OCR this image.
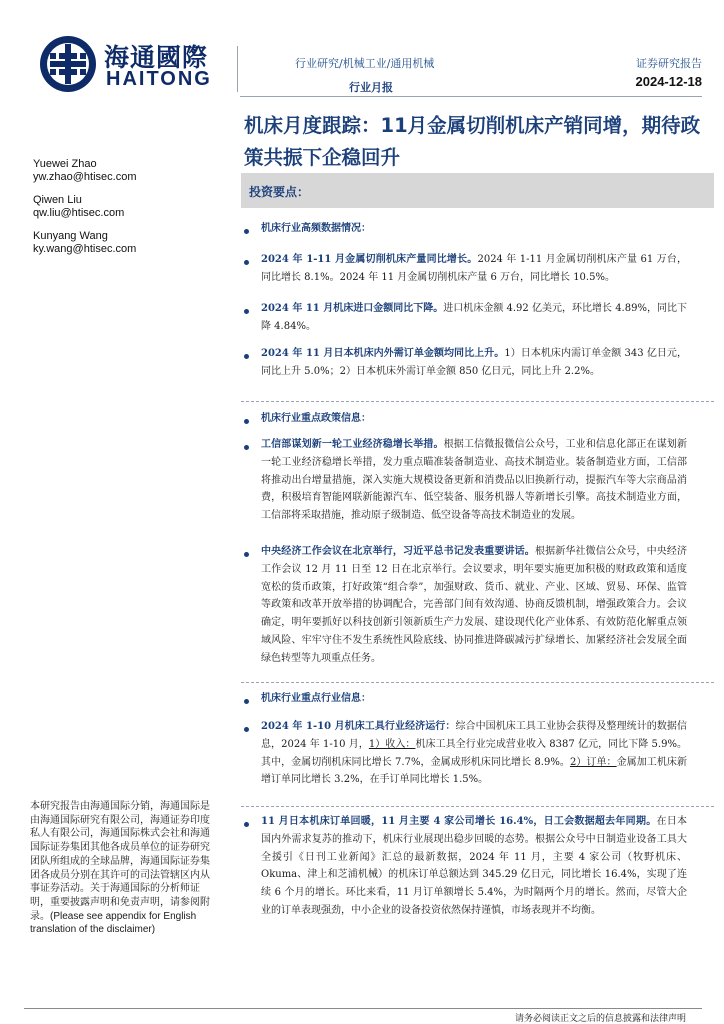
海通國際
HAITONG
行业研究/机械工业/通用机械
行业月报
证券研究报告
2024-12-18
机床月度跟踪：11月金属切削机床产销同增，期待政策共振下企稳回升
Yuewei Zhao
yw.zhao@htisec.com
Qiwen Liu
qw.liu@htisec.com
Kunyang Wang
ky.wang@htisec.com
投资要点：
机床行业高频数据情况：
2024 年 1-11 月金属切削机床产量同比增长。2024 年 1-11 月金属切削机床产量 61 万台，同比增长 8.1%。2024 年 11 月金属切削机床产量 6 万台，同比增长 10.5%。
2024 年 11 月机床进口金额同比下降。进口机床金额 4.92 亿美元，环比增长 4.89%，同比下降 4.84%。
2024 年 11 月日本机床内外需订单金额均同比上升。1）日本机床内需订单金额 343 亿日元，同比上升 5.0%；2）日本机床外需订单金额 850 亿日元，同比上升 2.2%。
机床行业重点政策信息：
工信部谋划新一轮工业经济稳增长举措。根据工信微报微信公众号，工业和信息化部正在谋划新一轮工业经济稳增长举措，发力重点瞄准装备制造业、高技术制造业。装备制造业方面，工信部将推动出台增量措施，深入实施大规模设备更新和消费品以旧换新行动，提振汽车等大宗商品消费，积极培育智能网联新能源汽车、低空装备、服务机器人等新增长引擎。高技术制造业方面，工信部将采取措施，推动原子级制造、低空设备等高技术制造业的发展。
中央经济工作会议在北京举行，习近平总书记发表重要讲话。根据新华社微信公众号，中央经济工作会议 12 月 11 日至 12 日在北京举行。会议要求，明年要实施更加积极的财政政策和适度宽松的货币政策，打好政策“组合拳”，加强财政、货币、就业、产业、区域、贸易、环保、监管等政策和改革开放举措的协调配合，完善部门间有效沟通、协商反馈机制，增强政策合力。会议确定，明年要抓好以科技创新引领新质生产力发展、建设现代化产业体系、有效防范化解重点领域风险、牢牢守住不发生系统性风险底线、协同推进降碳减污扩绿增长、加紧经济社会发展全面绿色转型等九项重点任务。
机床行业重点行业信息：
2024 年 1-10 月机床工具行业经济运行：综合中国机床工具工业协会获得及整理统计的数据信息，2024 年 1-10 月，1）收入：机床工具全行业完成营业收入 8387 亿元，同比下降 5.9%。其中，金属切削机床同比增长 7.7%，金属成形机床同比增长 8.9%。2）订单：金属加工机床新增订单同比增长 3.2%，在手订单同比增长 1.5%。
11 月日本机床订单回暖，11 月主要 4 家公司增长 16.4%，日工会数据超去年同期。在日本国内外需求复苏的推动下，机床行业展现出稳步回暖的态势。根据公众号中日制造业设备工具大全援引《日刊工业新闻》汇总的最新数据，2024 年 11 月，主要 4 家公司（牧野机床、Okuma、津上和芝浦机械）的机床订单总额达到 345.29 亿日元，同比增长 16.4%，实现了连续 6 个月的增长。环比来看，11 月订单额增长 5.4%，为时隔两个月的增长。然而，尽管大企业的订单表现强劲，中小企业的设备投资依然保持谨慎，市场表现并不均衡。
本研究报告由海通国际分销，海通国际是由海通国际研究有限公司，海通证券印度私人有限公司，海通国际株式会社和海通国际证券集团其他各成员单位的证券研究团队所组成的全球品牌，海通国际证券集团各成员分别在其许可的司法管辖区内从事证券活动。关于海通国际的分析师证明，重要披露声明和免责声明，请参阅附录。(Please see appendix for English translation of the disclaimer)
请务必阅读正文之后的信息披露和法律声明
